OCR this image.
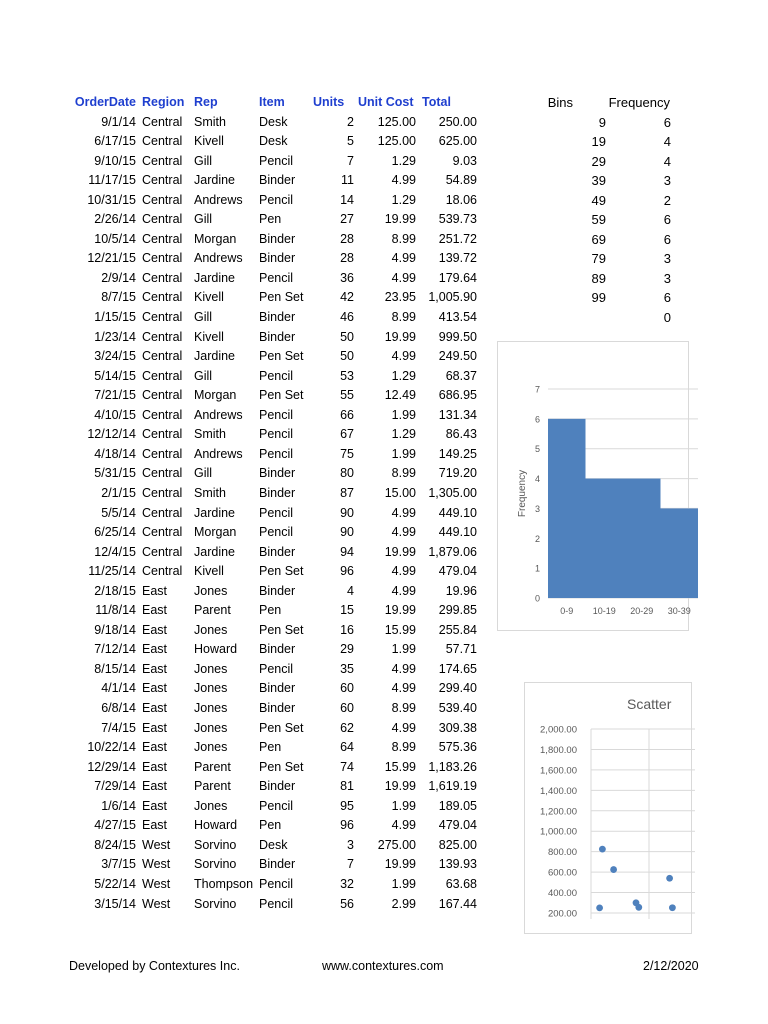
OrderDate Region Rep	Item	Units	Unit Cost Total
9/1/14 Central Smith	Desk	2	125.00	250.00
6/17/15 Central Kivell	Desk	5	125.00	625.00
9/10/15 Central Gill	Pencil	7	1.29	9.03
11/17/15 Central Jardine	Binder	11	4.99	54.89
10/31/15 Central Andrews	Pencil	14	1.29	18.06
2/26/14 Central Gill	Pen	27	19.99	539.73
10/5/14 Central Morgan	Binder	28	8.99	251.72
12/21/15 Central Andrews	Binder	28	4.99	139.72
2/9/14 Central Jardine	Pencil	36	4.99	179.64
8/7/15 Central Kivell	Pen Set	42	23.95 1,005.90
1/15/15 Central Gill	Binder	46	8.99	413.54
1/23/14 Central Kivell	Binder	50	19.99	999.50
3/24/15 Central Jardine	Pen Set	50	4.99	249.50
5/14/15 Central Gill	Pencil	53	1.29	68.37
7/21/15 Central Morgan	Pen Set	55	12.49	686.95
4/10/15 Central Andrews	Pencil	66	1.99	131.34
12/12/14 Central Smith	Pencil	67	1.29	86.43
4/18/14 Central Andrews	Pencil	75	1.99	149.25
5/31/15 Central Gill	Binder	80	8.99	719.20
2/1/15 Central Smith	Binder	87	15.00 1,305.00
5/5/14 Central Jardine	Pencil	90	4.99	449.10
6/25/14 Central Morgan	Pencil	90	4.99	449.10
12/4/15 Central Jardine	Binder	94	19.99 1,879.06
11/25/14 Central Kivell	Pen Set	96	4.99	479.04
2/18/15 East	Jones	Binder	4	4.99	19.96
11/8/14 East	Parent	Pen	15	19.99	299.85
9/18/14 East	Jones	Pen Set	16	15.99	255.84
7/12/14 East	Howard	Binder	29	1.99	57.71
8/15/14 East	Jones	Pencil	35	4.99	174.65
4/1/14 East	Jones	Binder	60	4.99	299.40
6/8/14 East	Jones	Binder	60	8.99	539.40
7/4/15 East	Jones	Pen Set	62	4.99	309.38
10/22/14 East	Jones	Pen	64	8.99	575.36
12/29/14 East	Parent	Pen Set	74	15.99 1,183.26
7/29/14 East	Parent	Binder	81	19.99 1,619.19
1/6/14 East	Jones	Pencil	95	1.99	189.05
4/27/15 East	Howard	Pen	96	4.99	479.04
8/24/15 West	Sorvino	Desk	3	275.00	825.00
3/7/15 West	Sorvino	Binder	7	19.99	139.93
5/22/14 West	Thompson Pencil	32	1.99	63.68
3/15/14 West	Sorvino	Pencil	56	2.99	167.44
Bins	Frequency
9	6
19	4
29	4
39	3
49	2
59	6
69	6
79	3
89	3
99	6
0
0
1
2
3
4
5
6
7
0-9 10-19 20-29 30-39
Frequency
Scatter
200.00
400.00
600.00
800.00
1,000.00
1,200.00
1,400.00
1,600.00
1,800.00
2,000.00
Developed by Contextures Inc.	www.contextures.com	2/12/2020
